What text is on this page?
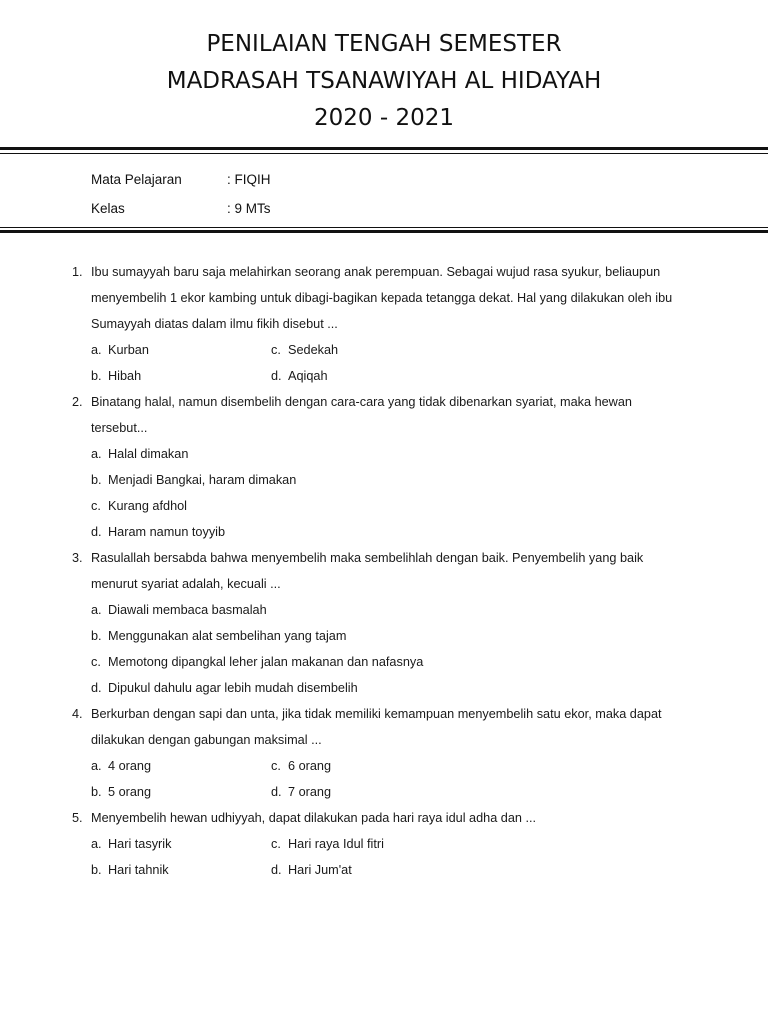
PENILAIAN TENGAH SEMESTER
MADRASAH TSANAWIYAH AL HIDAYAH
2020 - 2021
Mata Pelajaran	: FIQIH
Kelas	: 9 MTs
1. Ibu sumayyah baru saja melahirkan seorang anak perempuan. Sebagai wujud rasa syukur, beliaupun menyembelih 1 ekor kambing untuk dibagi-bagikan kepada tetangga dekat. Hal yang dilakukan oleh ibu Sumayyah diatas dalam ilmu fikih disebut ...
a. Kurban	c. Sedekah
b. Hibah	d. Aqiqah
2. Binatang halal, namun disembelih dengan cara-cara yang tidak dibenarkan syariat, maka hewan tersebut...
a. Halal dimakan
b. Menjadi Bangkai, haram dimakan
c. Kurang afdhol
d. Haram namun toyyib
3. Rasulallah bersabda bahwa menyembelih maka sembelihlah dengan baik. Penyembelih yang baik menurut syariat adalah, kecuali ...
a. Diawali membaca basmalah
b. Menggunakan alat sembelihan yang tajam
c. Memotong dipangkal leher jalan makanan dan nafasnya
d. Dipukul dahulu agar lebih mudah disembelih
4. Berkurban dengan sapi dan unta, jika tidak memiliki kemampuan menyembelih satu ekor, maka dapat dilakukan dengan gabungan maksimal ...
a. 4 orang	c. 6 orang
b. 5 orang	d. 7 orang
5. Menyembelih hewan udhiyyah, dapat dilakukan pada hari raya idul adha dan ...
a. Hari tasyrik	c. Hari raya Idul fitri
b. Hari tahnik	d. Hari Jum'at
